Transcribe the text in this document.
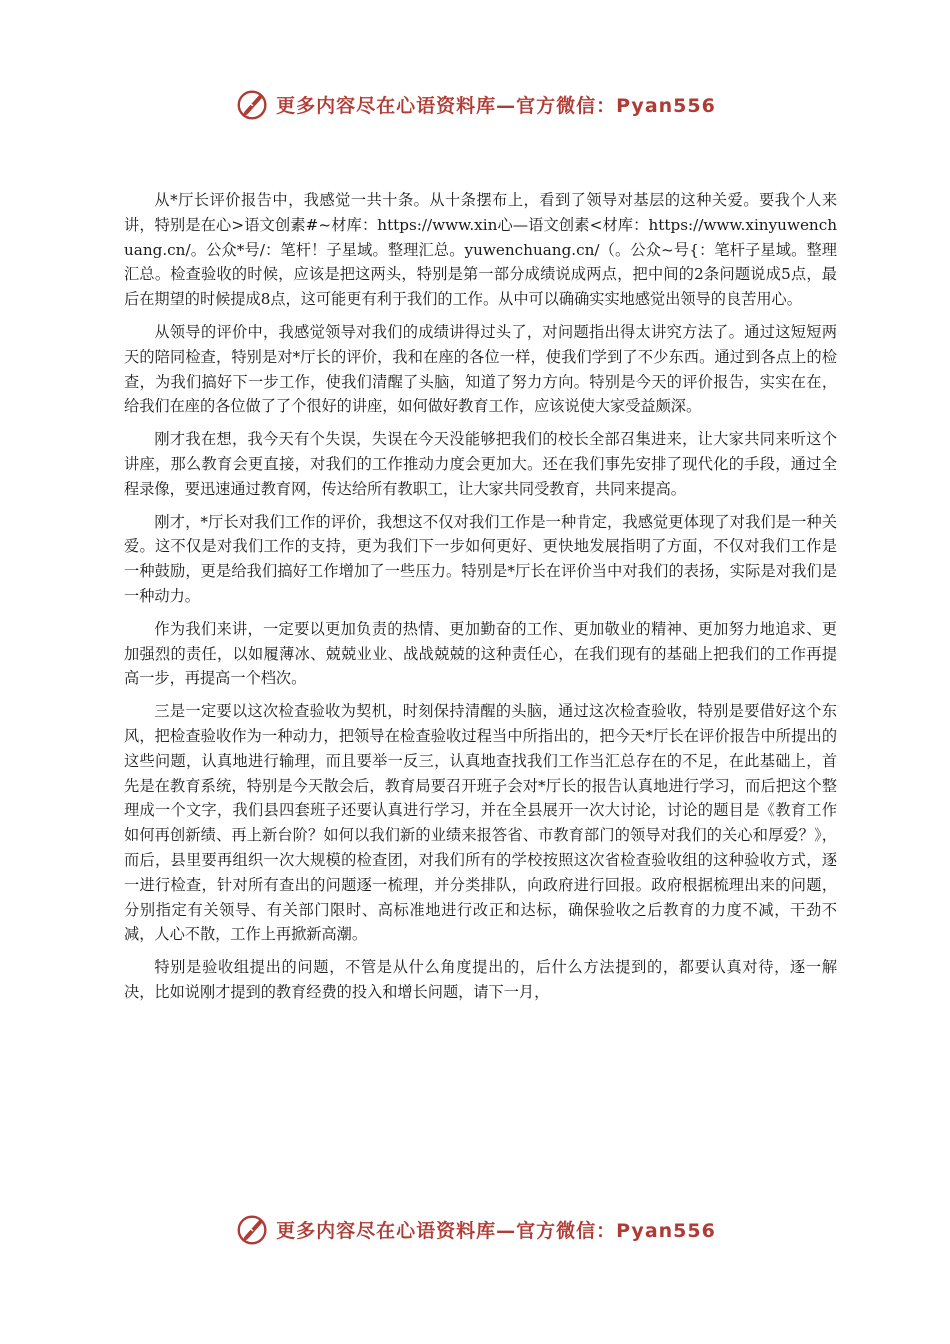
更多内容尽在心语资料库—官方微信：Pyan556

从*厅长评价报告中，我感觉一共十条。从十条摆布上，看到了领导对基层的这种关爱。要我个人来讲，特别是在心>语文创素#~材库：https://www.xin心—语文创素<材库：https://www.xinyuwenchuang.cn/。公众*号/：笔杆！子星域。整理汇总。yuwenchuang.cn/（。公众~号{：笔杆子星域。整理汇总。检查验收的时候，应该是把这两头，特别是第一部分成绩说成两点，把中间的2条问题说成5点，最后在期望的时候提成8点，这可能更有利于我们的工作。从中可以确确实实地感觉出领导的良苦用心。

从领导的评价中，我感觉领导对我们的成绩讲得过头了，对问题指出得太讲究方法了。通过这短短两天的陪同检查，特别是对*厅长的评价，我和在座的各位一样，使我们学到了不少东西。通过到各点上的检查，为我们搞好下一步工作，使我们清醒了头脑，知道了努力方向。特别是今天的评价报告，实实在在，给我们在座的各位做了了个很好的讲座，如何做好教育工作，应该说使大家受益颇深。

刚才我在想，我今天有个失误，失误在今天没能够把我们的校长全部召集进来，让大家共同来听这个讲座，那么教育会更直接，对我们的工作推动力度会更加大。还在我们事先安排了现代化的手段，通过全程录像，要迅速通过教育网，传达给所有教职工，让大家共同受教育，共同来提高。

刚才，*厅长对我们工作的评价，我想这不仅对我们工作是一种肯定，我感觉更体现了对我们是一种关爱。这不仅是对我们工作的支持，更为我们下一步如何更好、更快地发展指明了方面，不仅对我们工作是一种鼓励，更是给我们搞好工作增加了一些压力。特别是*厅长在评价当中对我们的表扬，实际是对我们是一种动力。

作为我们来讲，一定要以更加负责的热情、更加勤奋的工作、更加敬业的精神、更加努力地追求、更加强烈的责任，以如履薄冰、兢兢业业、战战兢兢的这种责任心，在我们现有的基础上把我们的工作再提高一步，再提高一个档次。

三是一定要以这次检查验收为契机，时刻保持清醒的头脑，通过这次检查验收，特别是要借好这个东风，把检查验收作为一种动力，把领导在检查验收过程当中所指出的，把今天*厅长在评价报告中所提出的这些问题，认真地进行输理，而且要举一反三，认真地查找我们工作当汇总存在的不足，在此基础上，首先是在教育系统，特别是今天散会后，教育局要召开班子会对*厅长的报告认真地进行学习，而后把这个整理成一个文字，我们县四套班子还要认真进行学习，并在全县展开一次大讨论，讨论的题目是《教育工作如何再创新绩、再上新台阶？如何以我们新的业绩来报答省、市教育部门的领导对我们的关心和厚爱？》，而后，县里要再组织一次大规模的检查团，对我们所有的学校按照这次省检查验收组的这种验收方式，逐一进行检查，针对所有查出的问题逐一梳理，并分类排队，向政府进行回报。政府根据梳理出来的问题，分别指定有关领导、有关部门限时、高标准地进行改正和达标，确保验收之后教育的力度不减，干劲不减，人心不散，工作上再掀新高潮。

特别是验收组提出的问题，不管是从什么角度提出的，后什么方法提到的，都要认真对待，逐一解决，比如说刚才提到的教育经费的投入和增长问题，请下一月，

更多内容尽在心语资料库—官方微信：Pyan556
